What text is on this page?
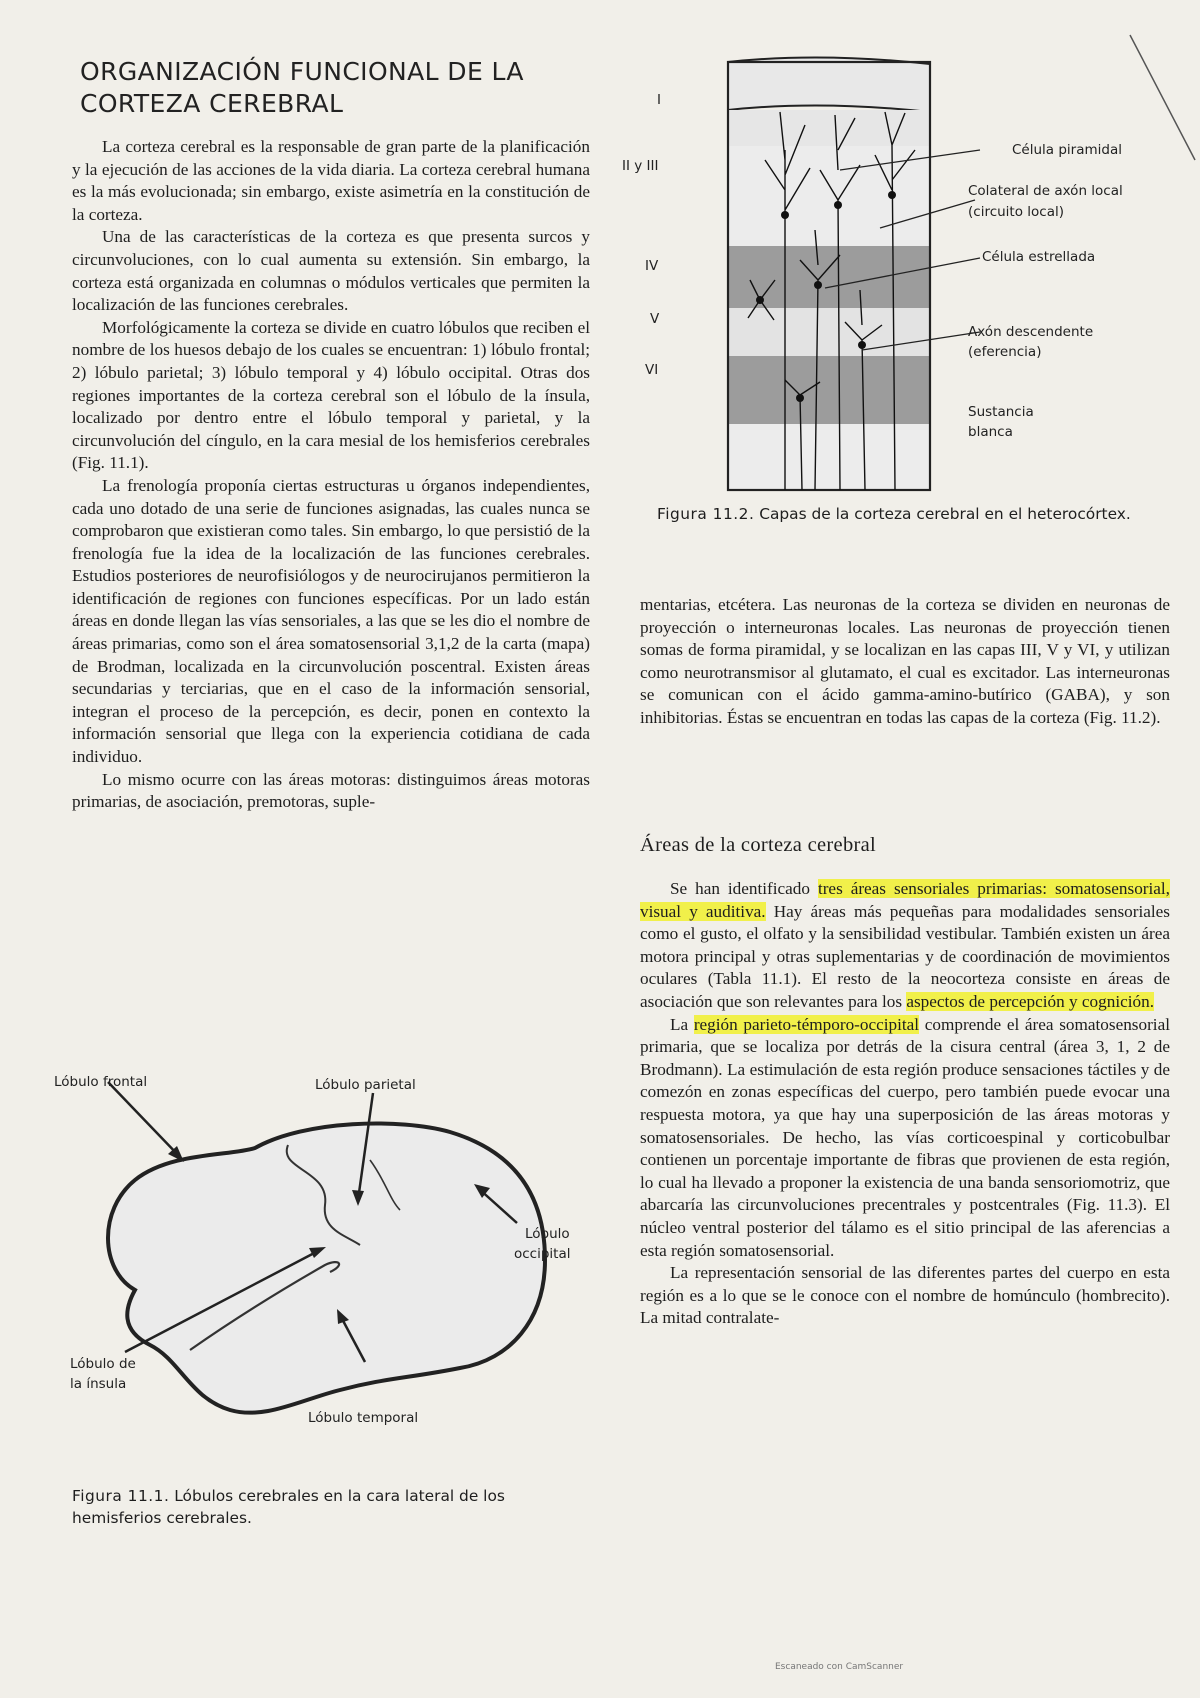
ORGANIZACIÓN FUNCIONAL DE LA
CORTEZA CEREBRAL

La corteza cerebral es la responsable de gran parte de la planificación y la ejecución de las acciones de la vida diaria. La corteza cerebral humana es la más evolucionada; sin embargo, existe asimetría en la constitución de la corteza.

Una de las características de la corteza es que presenta surcos y circunvoluciones, con lo cual aumenta su extensión. Sin embargo, la corteza está organizada en columnas o módulos verticales que permiten la localización de las funciones cerebrales.

Morfológicamente la corteza se divide en cuatro lóbulos que reciben el nombre de los huesos debajo de los cuales se encuentran: 1) lóbulo frontal; 2) lóbulo parietal; 3) lóbulo temporal y 4) lóbulo occipital. Otras dos regiones importantes de la corteza cerebral son el lóbulo de la ínsula, localizado por dentro entre el lóbulo temporal y parietal, y la circunvolución del cíngulo, en la cara mesial de los hemisferios cerebrales (Fig. 11.1).

La frenología proponía ciertas estructuras u órganos independientes, cada uno dotado de una serie de funciones asignadas, las cuales nunca se comprobaron que existieran como tales. Sin embargo, lo que persistió de la frenología fue la idea de la localización de las funciones cerebrales. Estudios posteriores de neurofisiólogos y de neurocirujanos permitieron la identificación de regiones con funciones específicas. Por un lado están áreas en donde llegan las vías sensoriales, a las que se les dio el nombre de áreas primarias, como son el área somatosensorial 3,1,2 de la carta (mapa) de Brodman, localizada en la circunvolución poscentral. Existen áreas secundarias y terciarias, que en el caso de la información sensorial, integran el proceso de la percepción, es decir, ponen en contexto la información sensorial que llega con la experiencia cotidiana de cada individuo.

Lo mismo ocurre con las áreas motoras: distinguimos áreas motoras primarias, de asociación, premotoras, suple-

Lóbulo parietal
Lóbulo frontal
Lóbulo
occipital
Lóbulo de
la ínsula
Lóbulo temporal
Figura 11.1. Lóbulos cerebrales en la cara lateral de los hemisferios cerebrales.
I
II y III
IV
V
VI
Célula piramidal
Colateral de axón local
(circuito local)
Célula estrellada
Axón descendente
(eferencia)
Sustancia
blanca
Figura 11.2. Capas de la corteza cerebral en el heterocórtex.

mentarias, etcétera. Las neuronas de la corteza se dividen en neuronas de proyección o interneuronas locales. Las neuronas de proyección tienen somas de forma piramidal, y se localizan en las capas III, V y VI, y utilizan como neurotransmisor al glutamato, el cual es excitador. Las interneuronas se comunican con el ácido gamma-amino-butírico (GABA), y son inhibitorias. Éstas se encuentran en todas las capas de la corteza (Fig. 11.2).

Áreas de la corteza cerebral

Se han identificado tres áreas sensoriales primarias: somatosensorial, visual y auditiva. Hay áreas más pequeñas para modalidades sensoriales como el gusto, el olfato y la sensibilidad vestibular. También existen un área motora principal y otras suplementarias y de coordinación de movimientos oculares (Tabla 11.1). El resto de la neocorteza consiste en áreas de asociación que son relevantes para los aspectos de percepción y cognición.

La región parieto-témporo-occipital comprende el área somatosensorial primaria, que se localiza por detrás de la cisura central (área 3, 1, 2 de Brodmann). La estimulación de esta región produce sensaciones táctiles y de comezón en zonas específicas del cuerpo, pero también puede evocar una respuesta motora, ya que hay una superposición de las áreas motoras y somatosensoriales. De hecho, las vías corticoespinal y corticobulbar contienen un porcentaje importante de fibras que provienen de esta región, lo cual ha llevado a proponer la existencia de una banda sensoriomotriz, que abarcaría las circunvoluciones precentrales y postcentrales (Fig. 11.3). El núcleo ventral posterior del tálamo es el sitio principal de las aferencias a esta región somatosensorial.

La representación sensorial de las diferentes partes del cuerpo en esta región es a lo que se le conoce con el nombre de homúnculo (hombrecito). La mitad contralate-

Escaneado con CamScanner
